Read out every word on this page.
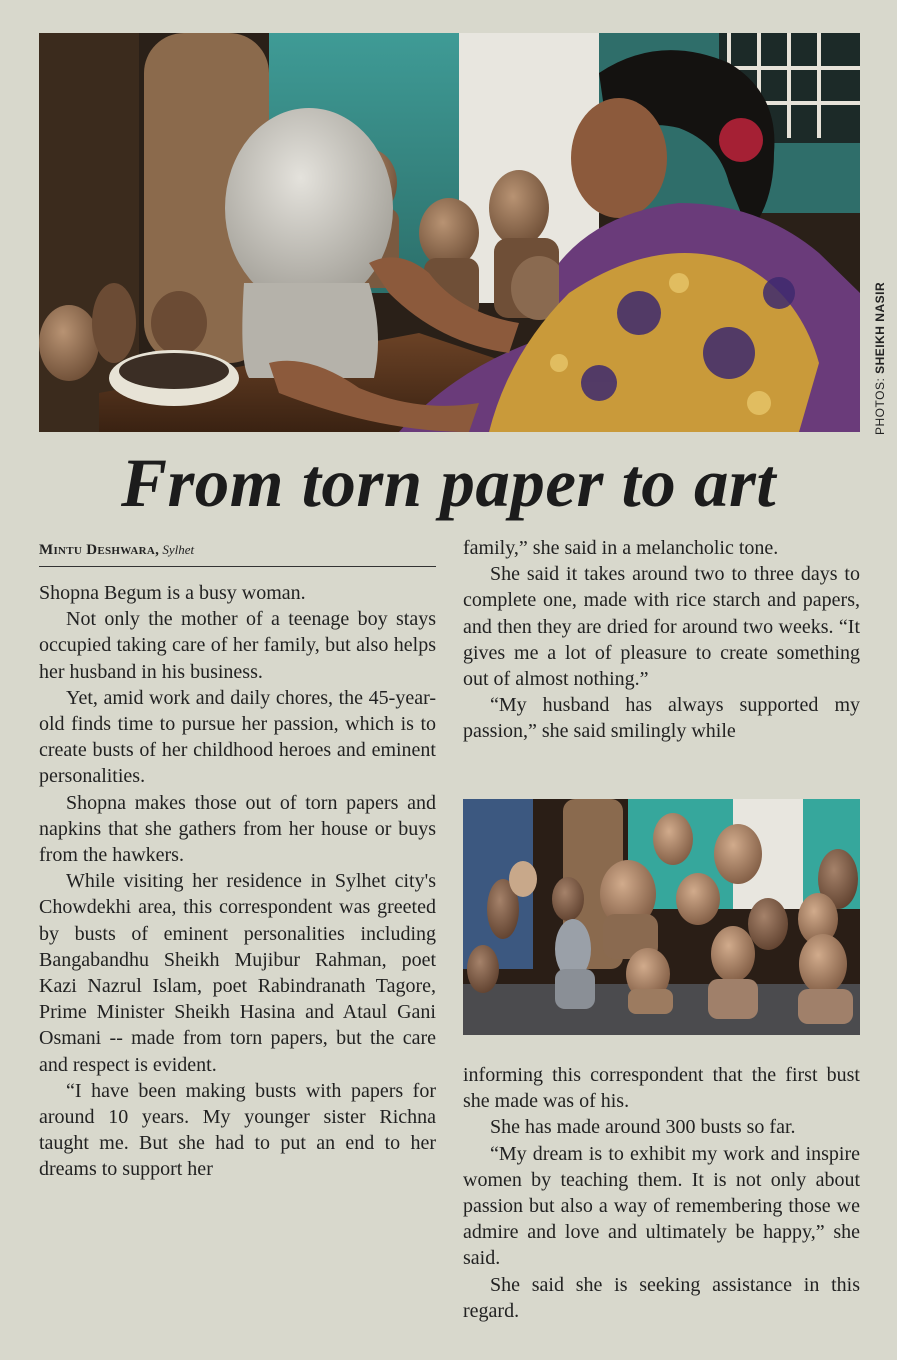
PHOTOS: SHEIKH NASIR
From torn paper to art
Mintu Deshwara, Sylhet

Shopna Begum is a busy woman.

Not only the mother of a teenage boy stays occupied taking care of her family, but also helps her husband in his business.

Yet, amid work and daily chores, the 45-year-old finds time to pursue her passion, which is to create busts of her childhood heroes and eminent personalities.

Shopna makes those out of torn papers and napkins that she gathers from her house or buys from the hawkers.

While visiting her residence in Sylhet city's Chowdekhi area, this correspondent was greeted by busts of eminent personalities including Bangabandhu Sheikh Mujibur Rahman, poet Kazi Nazrul Islam, poet Rabindranath Tagore, Prime Minister Sheikh Hasina and Ataul Gani Osmani -- made from torn papers, but the care and respect is evident.

“I have been making busts with papers for around 10 years. My younger sister Richna taught me. But she had to put an end to her dreams to support her

family,” she said in a melancholic tone.

She said it takes around two to three days to complete one, made with rice starch and papers, and then they are dried for around two weeks. “It gives me a lot of pleasure to create something out of almost nothing.”

“My husband has always supported my passion,” she said smilingly while

informing this correspondent that the first bust she made was of his.

She has made around 300 busts so far.

“My dream is to exhibit my work and inspire women by teaching them. It is not only about passion but also a way of remembering those we admire and love and ultimately be happy,” she said.

She said she is seeking assistance in this regard.
